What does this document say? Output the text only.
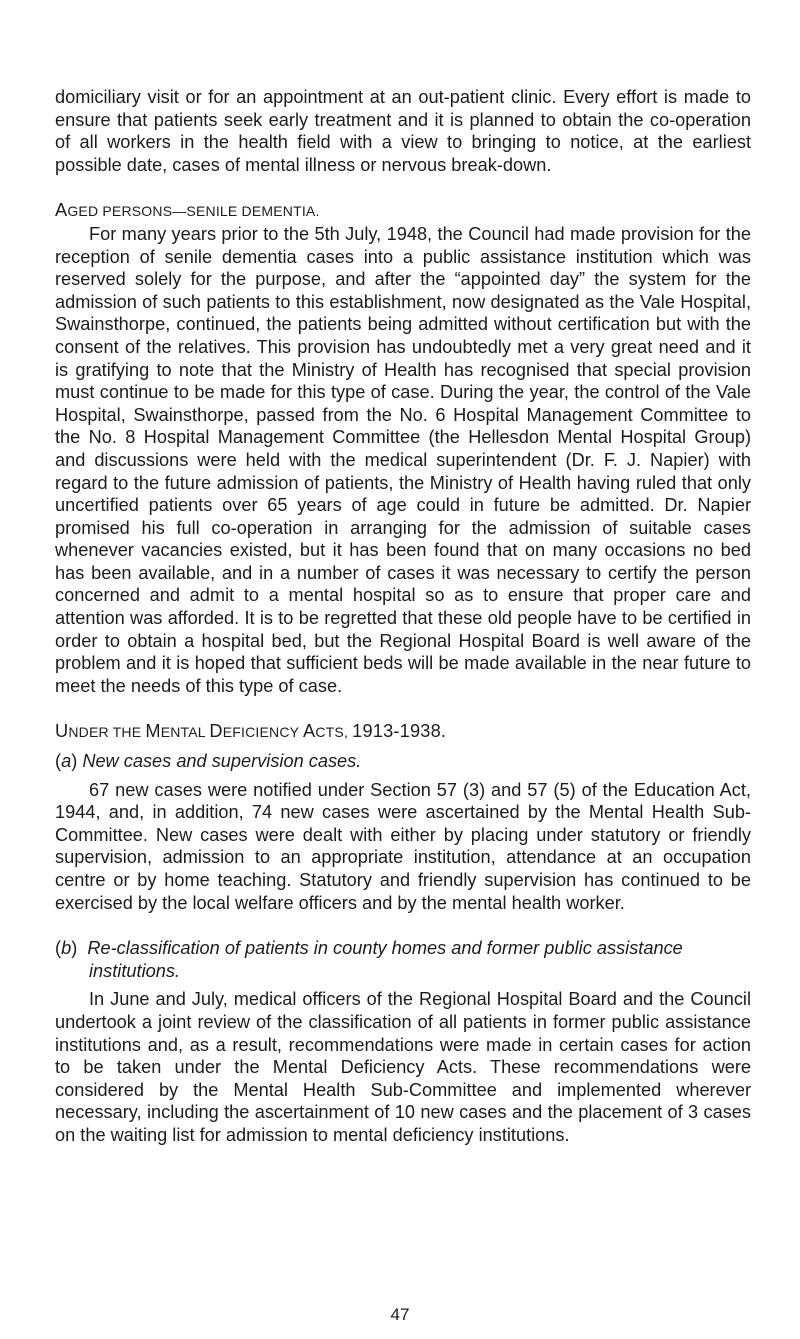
domiciliary visit or for an appointment at an out-patient clinic. Every effort is made to ensure that patients seek early treatment and it is planned to obtain the co-operation of all workers in the health field with a view to bringing to notice, at the earliest possible date, cases of mental illness or nervous break-down.

AGED PERSONS—SENILE DEMENTIA.

For many years prior to the 5th July, 1948, the Council had made provision for the reception of senile dementia cases into a public assistance institution which was reserved solely for the purpose, and after the “appointed day” the system for the admission of such patients to this establishment, now designated as the Vale Hospital, Swainsthorpe, continued, the patients being admitted without certification but with the consent of the relatives. This provision has undoubtedly met a very great need and it is gratifying to note that the Ministry of Health has recognised that special provision must continue to be made for this type of case. During the year, the control of the Vale Hospital, Swainsthorpe, passed from the No. 6 Hospital Management Committee to the No. 8 Hospital Management Committee (the Hellesdon Mental Hospital Group) and discussions were held with the medical superintendent (Dr. F. J. Napier) with regard to the future admission of patients, the Ministry of Health having ruled that only uncertified patients over 65 years of age could in future be admitted. Dr. Napier promised his full co-operation in arranging for the admission of suitable cases whenever vacancies existed, but it has been found that on many occasions no bed has been available, and in a number of cases it was necessary to certify the person concerned and admit to a mental hospital so as to ensure that proper care and attention was afforded. It is to be regretted that these old people have to be certified in order to obtain a hospital bed, but the Regional Hospital Board is well aware of the problem and it is hoped that sufficient beds will be made available in the near future to meet the needs of this type of case.

UNDER THE MENTAL DEFICIENCY ACTS, 1913-1938.

(a) New cases and supervision cases.

67 new cases were notified under Section 57 (3) and 57 (5) of the Education Act, 1944, and, in addition, 74 new cases were ascertained by the Mental Health Sub-Committee. New cases were dealt with either by placing under statutory or friendly supervision, admission to an appropriate institution, attendance at an occupation centre or by home teaching. Statutory and friendly supervision has continued to be exercised by the local welfare officers and by the mental health worker.

(b) Re-classification of patients in county homes and former public assistance institutions.

In June and July, medical officers of the Regional Hospital Board and the Council undertook a joint review of the classification of all patients in former public assistance institutions and, as a result, recommendations were made in certain cases for action to be taken under the Mental Deficiency Acts. These recommendations were considered by the Mental Health Sub-Committee and implemented wherever necessary, including the ascertainment of 10 new cases and the placement of 3 cases on the waiting list for admission to mental deficiency institutions.

47
